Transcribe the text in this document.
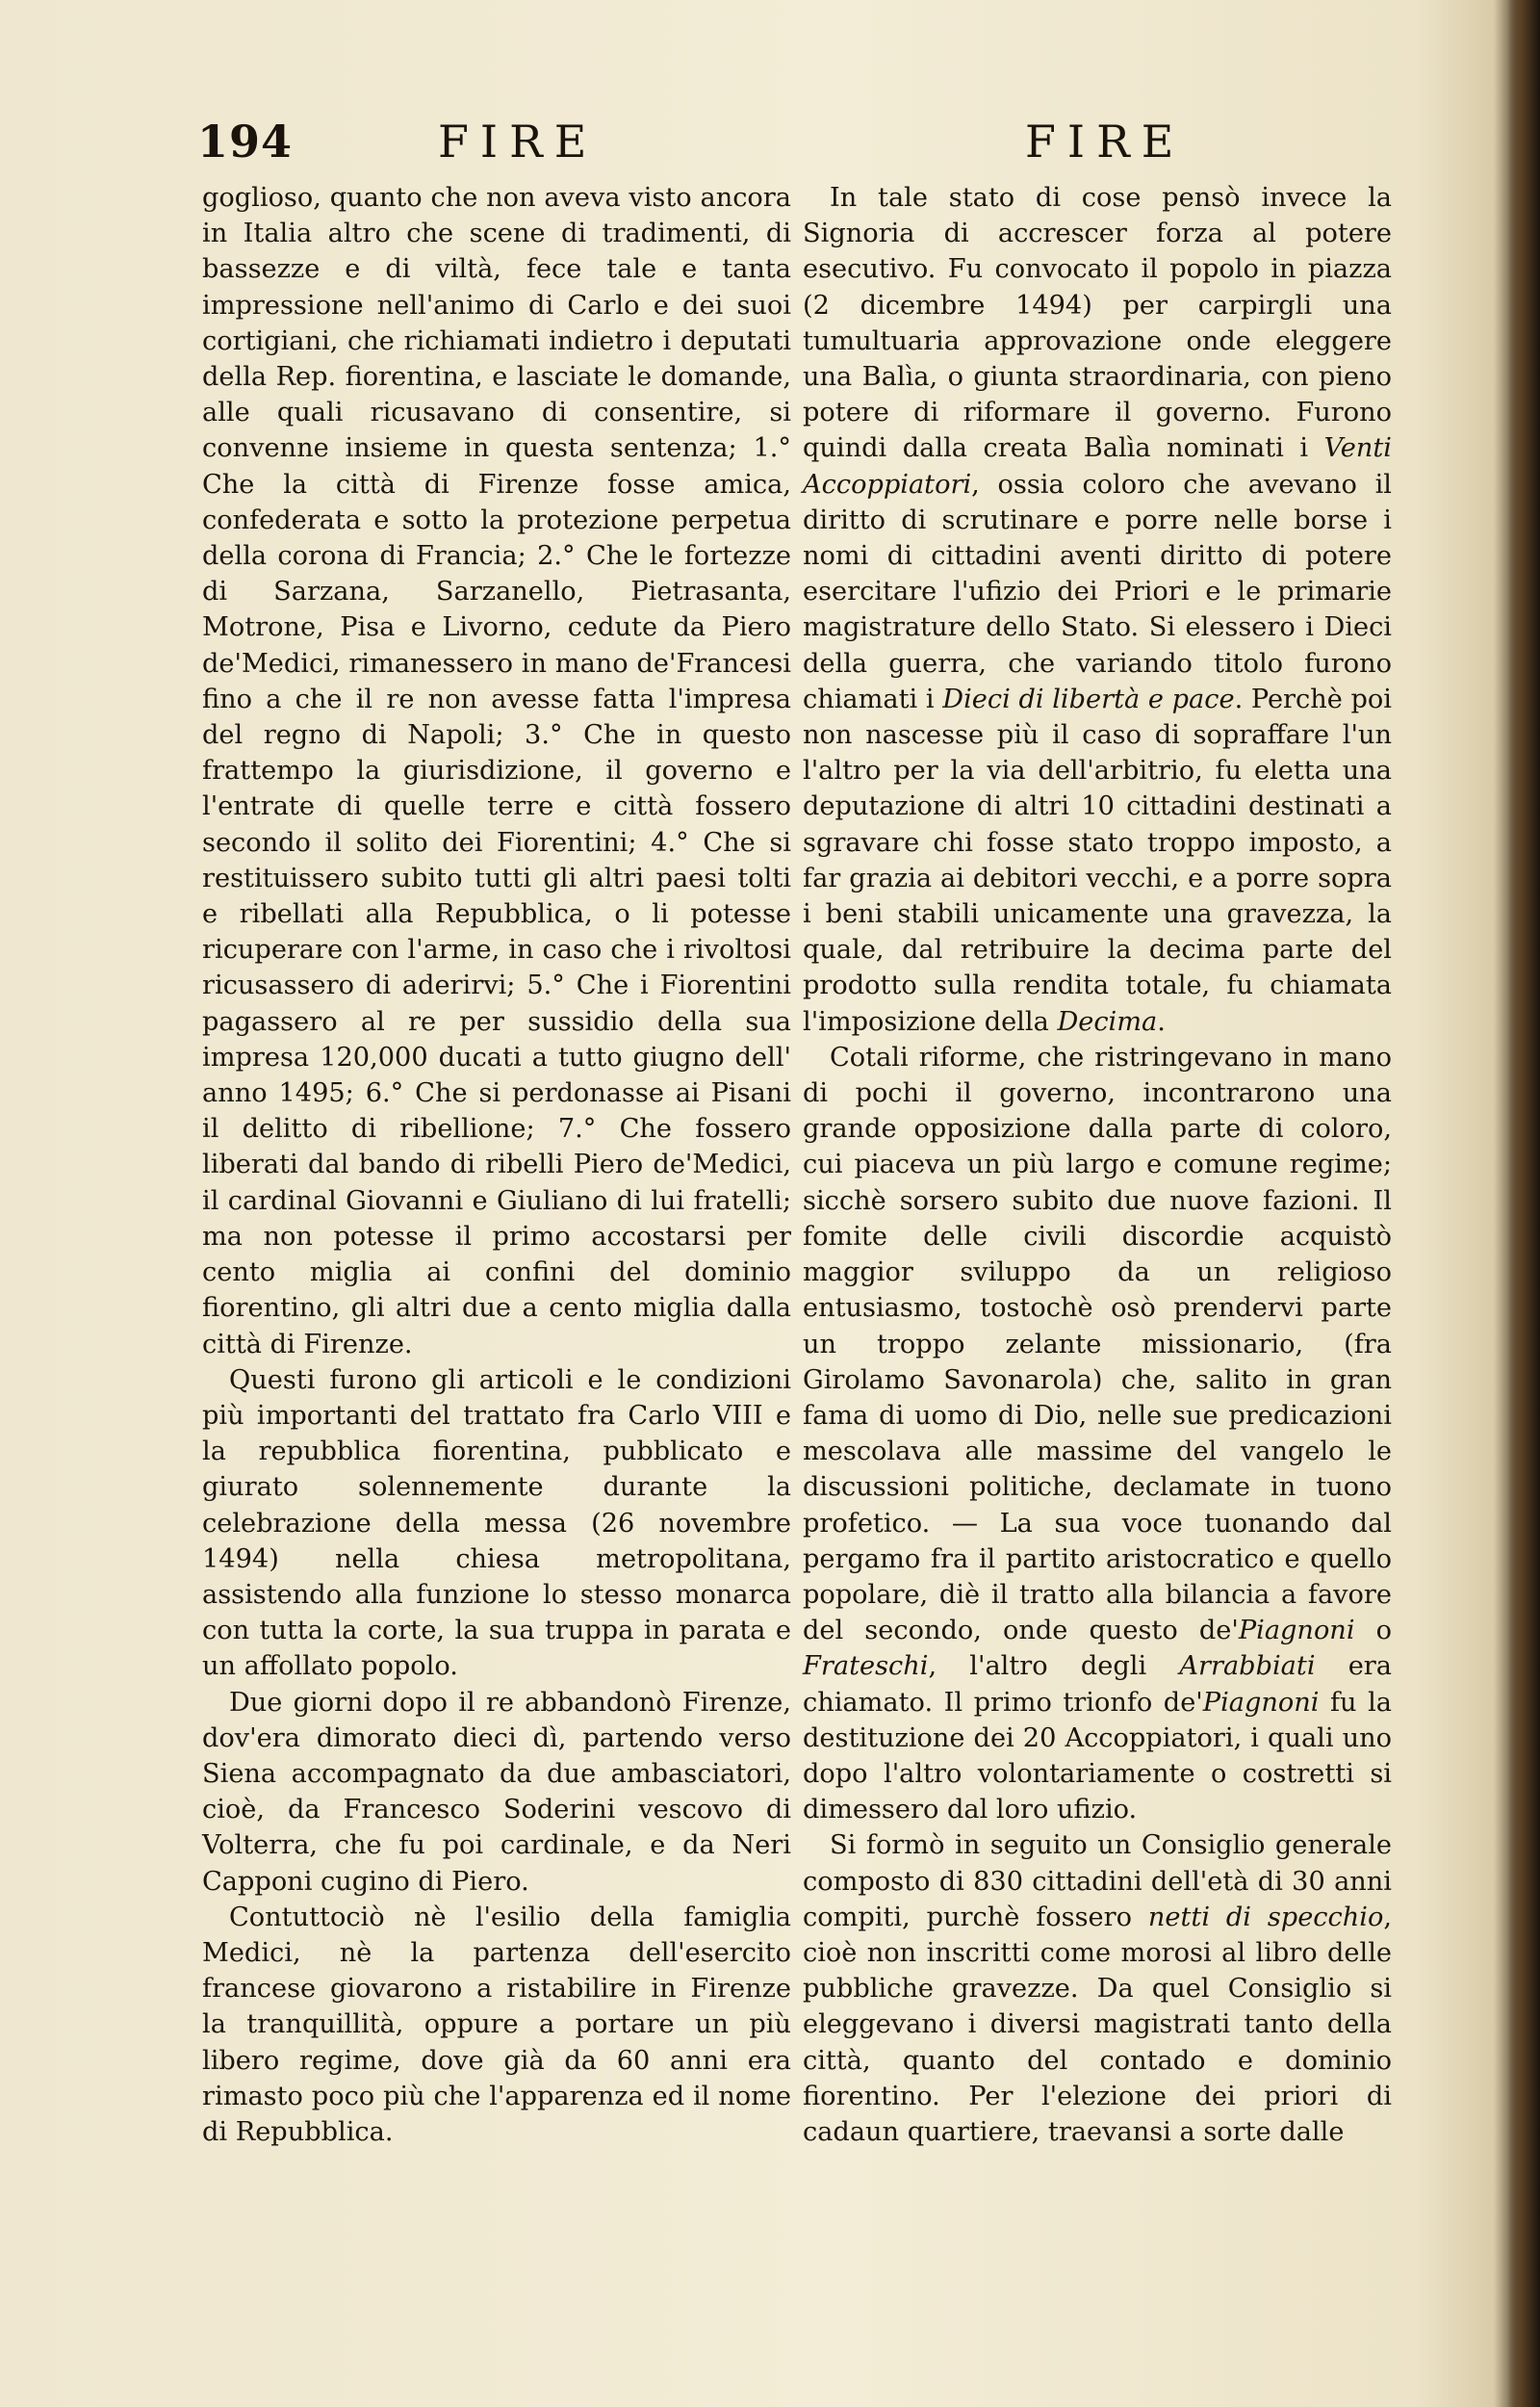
194	FIRE	FIRE

goglioso, quanto che non aveva visto ancora in Italia altro che scene di tradimenti, di bassezze e di viltà, fece tale e tanta impressione nell'animo di Carlo e dei suoi cortigiani, che richiamati indietro i deputati della Rep. fiorentina, e lasciate le domande, alle quali ricusavano di consentire, si convenne insieme in questa sentenza; 1.° Che la città di Firenze fosse amica, confederata e sotto la protezione perpetua della corona di Francia; 2.° Che le fortezze di Sarzana, Sarzanello, Pietrasanta, Motrone, Pisa e Livorno, cedute da Piero de'Medici, rimanessero in mano de'Francesi fino a che il re non avesse fatta l'impresa del regno di Napoli; 3.° Che in questo frattempo la giurisdizione, il governo e l'entrate di quelle terre e città fossero secondo il solito dei Fiorentini; 4.° Che si restituissero subito tutti gli altri paesi tolti e ribellati alla Repubblica, o li potesse ricuperare con l'arme, in caso che i rivoltosi ricusassero di aderirvi; 5.° Che i Fiorentini pagassero al re per sussidio della sua impresa 120,000 ducati a tutto giugno dell' anno 1495; 6.° Che si perdonasse ai Pisani il delitto di ribellione; 7.° Che fossero liberati dal bando di ribelli Piero de'Medici, il cardinal Giovanni e Giuliano di lui fratelli; ma non potesse il primo accostarsi per cento miglia ai confini del dominio fiorentino, gli altri due a cento miglia dalla città di Firenze.

Questi furono gli articoli e le condizioni più importanti del trattato fra Carlo VIII e la repubblica fiorentina, pubblicato e giurato solennemente durante la celebrazione della messa (26 novembre 1494) nella chiesa metropolitana, assistendo alla funzione lo stesso monarca con tutta la corte, la sua truppa in parata e un affollato popolo.

Due giorni dopo il re abbandonò Firenze, dov'era dimorato dieci dì, partendo verso Siena accompagnato da due ambasciatori, cioè, da Francesco Soderini vescovo di Volterra, che fu poi cardinale, e da Neri Capponi cugino di Piero.

Contuttociò nè l'esilio della famiglia Medici, nè la partenza dell'esercito francese giovarono a ristabilire in Firenze la tranquillità, oppure a portare un più libero regime, dove già da 60 anni era rimasto poco più che l'apparenza ed il nome di Repubblica.

In tale stato di cose pensò invece la Signoria di accrescer forza al potere esecutivo. Fu convocato il popolo in piazza (2 dicembre 1494) per carpirgli una tumultuaria approvazione onde eleggere una Balìa, o giunta straordinaria, con pieno potere di riformare il governo. Furono quindi dalla creata Balìa nominati i Venti Accoppiatori, ossia coloro che avevano il diritto di scrutinare e porre nelle borse i nomi di cittadini aventi diritto di potere esercitare l'ufizio dei Priori e le primarie magistrature dello Stato. Si elessero i Dieci della guerra, che variando titolo furono chiamati i Dieci di libertà e pace. Perchè poi non nascesse più il caso di sopraffare l'un l'altro per la via dell'arbitrio, fu eletta una deputazione di altri 10 cittadini destinati a sgravare chi fosse stato troppo imposto, a far grazia ai debitori vecchi, e a porre sopra i beni stabili unicamente una gravezza, la quale, dal retribuire la decima parte del prodotto sulla rendita totale, fu chiamata l'imposizione della Decima.

Cotali riforme, che ristringevano in mano di pochi il governo, incontrarono una grande opposizione dalla parte di coloro, cui piaceva un più largo e comune regime; sicchè sorsero subito due nuove fazioni. Il fomite delle civili discordie acquistò maggior sviluppo da un religioso entusiasmo, tostochè osò prendervi parte un troppo zelante missionario, (fra Girolamo Savonarola) che, salito in gran fama di uomo di Dio, nelle sue predicazioni mescolava alle massime del vangelo le discussioni politiche, declamate in tuono profetico. — La sua voce tuonando dal pergamo fra il partito aristocratico e quello popolare, diè il tratto alla bilancia a favore del secondo, onde questo de'Piagnoni o Frateschi, l'altro degli Arrabbiati era chiamato. Il primo trionfo de'Piagnoni fu la destituzione dei 20 Accoppiatori, i quali uno dopo l'altro volontariamente o costretti si dimessero dal loro ufizio.

Si formò in seguito un Consiglio generale composto di 830 cittadini dell'età di 30 anni compiti, purchè fossero netti di specchio, cioè non inscritti come morosi al libro delle pubbliche gravezze. Da quel Consiglio si eleggevano i diversi magistrati tanto della città, quanto del contado e dominio fiorentino. Per l'elezione dei priori di cadaun quartiere, traevansi a sorte dalle
